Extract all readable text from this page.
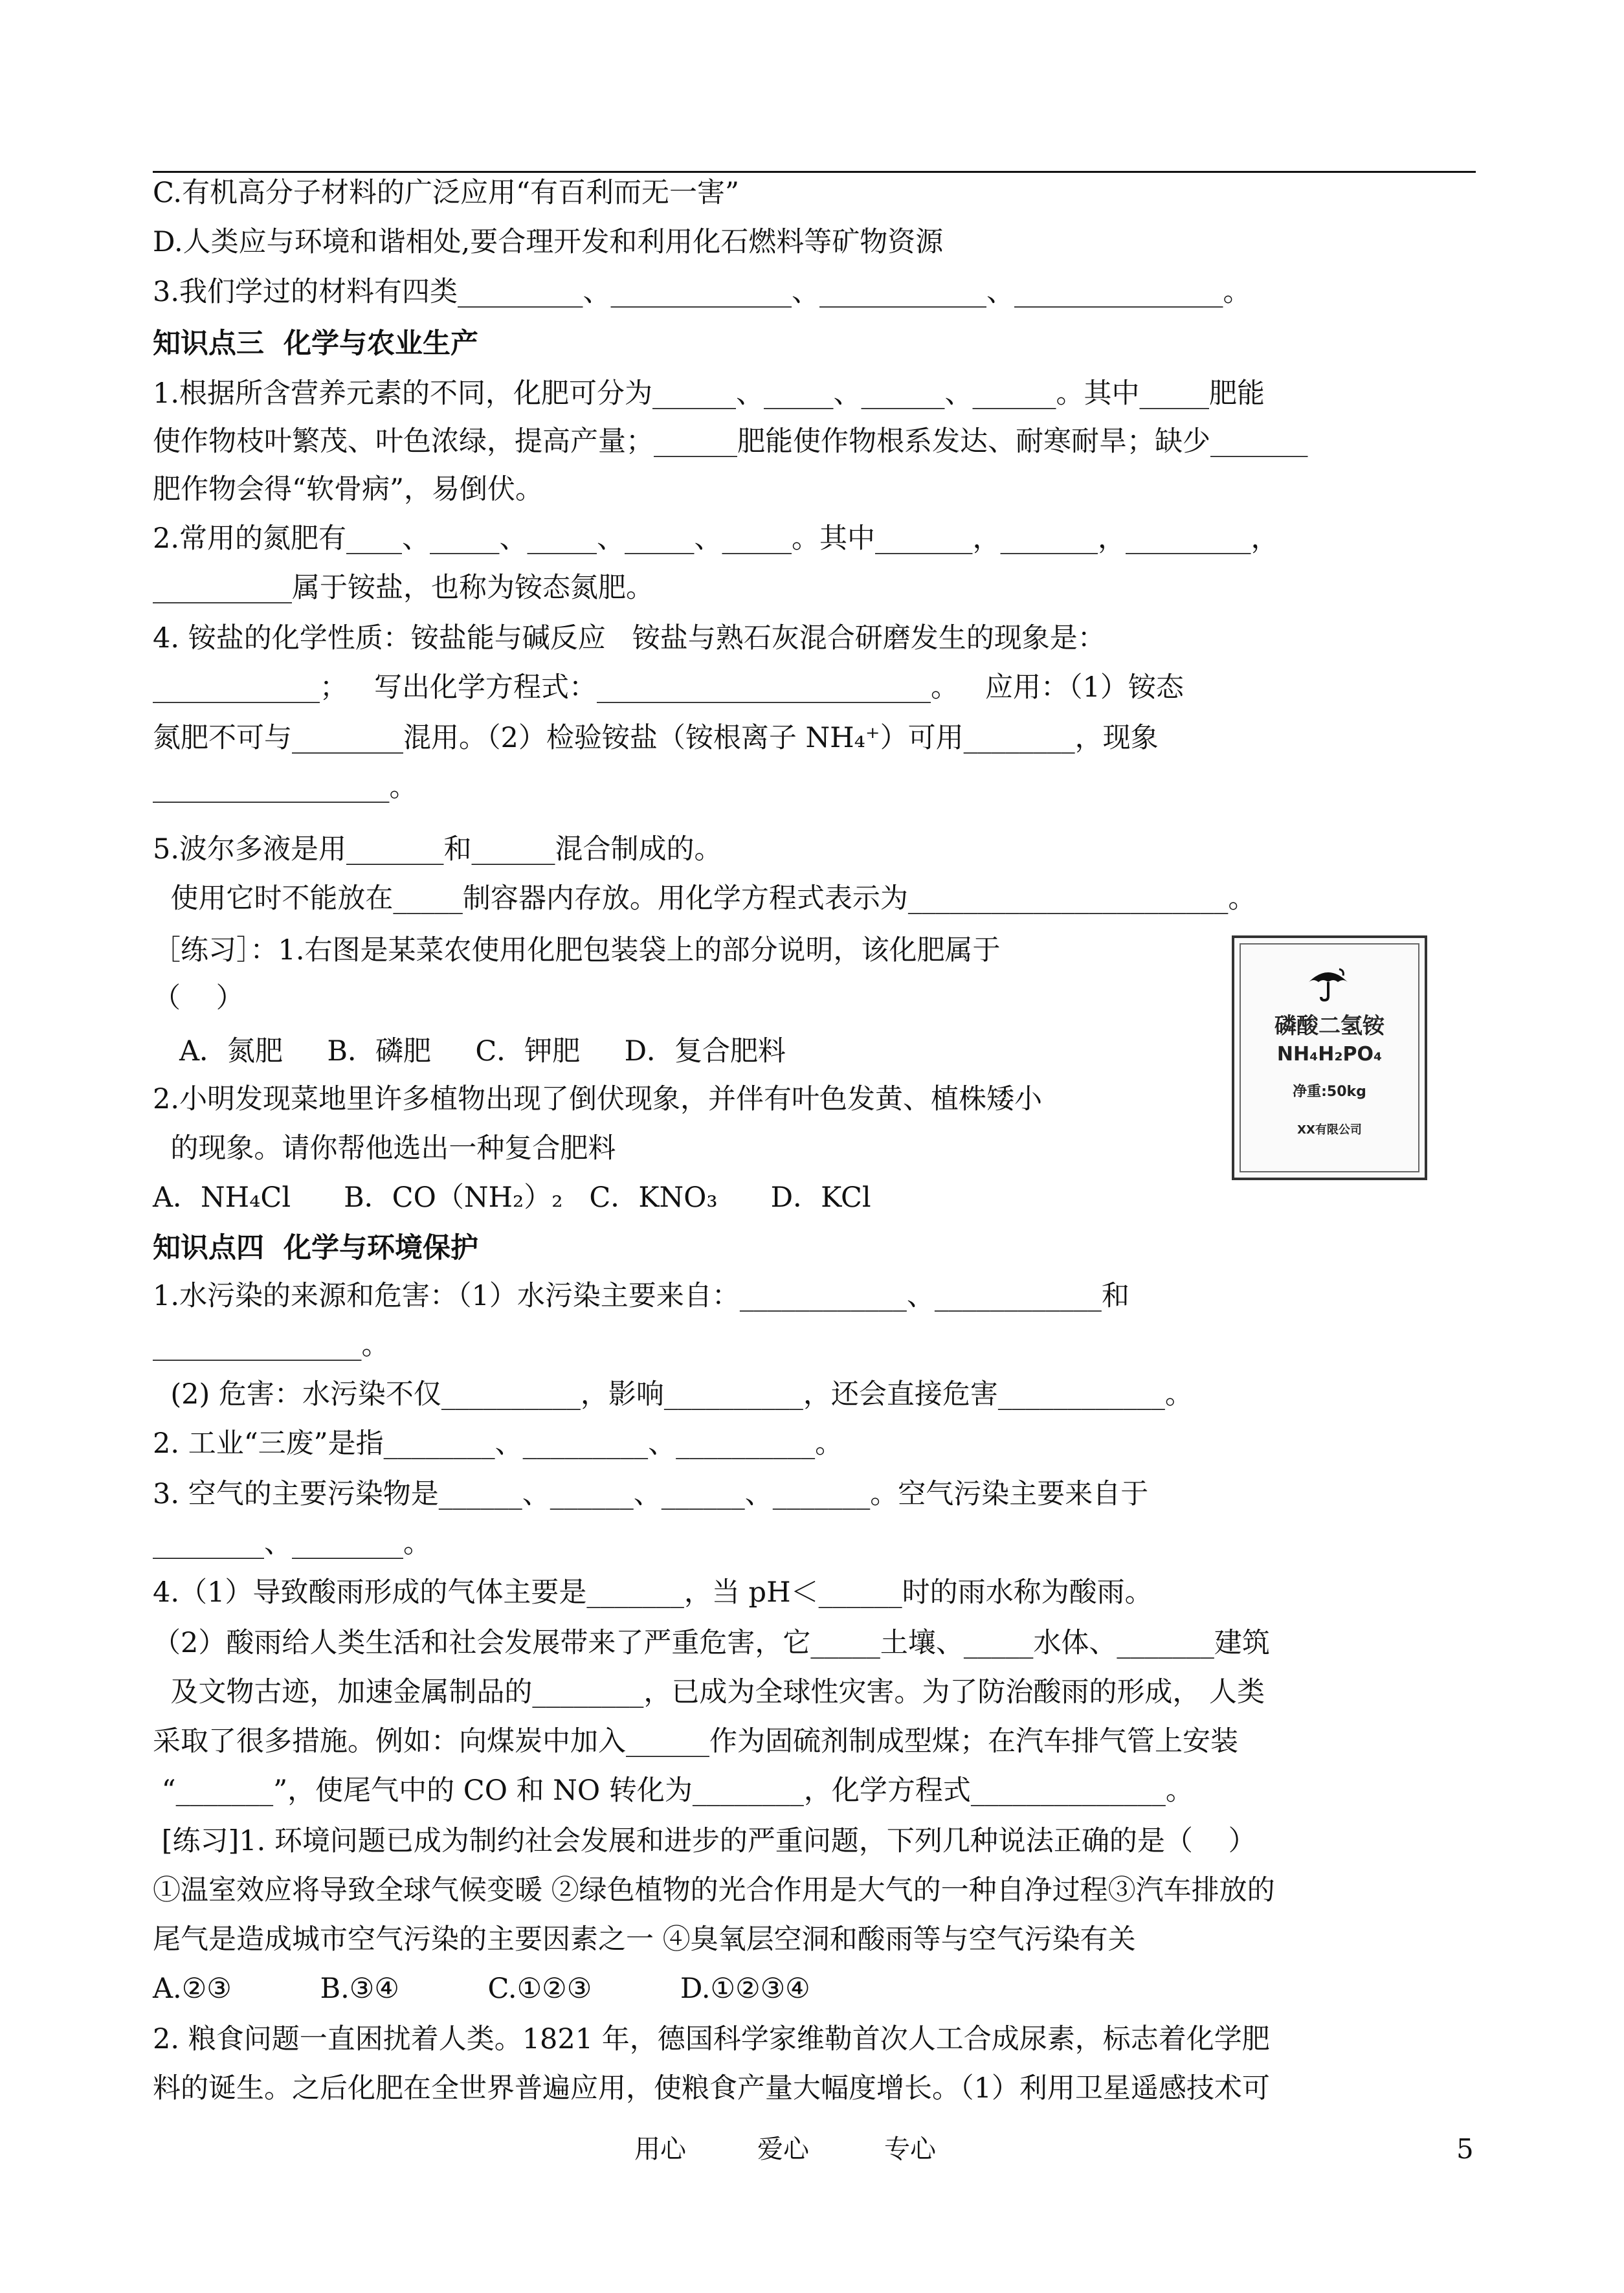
C.有机高分子材料的广泛应用“有百利而无一害”
D.人类应与环境和谐相处,要合理开发和利用化石燃料等矿物资源
3.我们学过的材料有四类_________、_____________、____________、_______________。
知识点三  化学与农业生产
1.根据所含营养元素的不同，化肥可分为______、_____、______、______。其中_____肥能
使作物枝叶繁茂、叶色浓绿，提高产量；______肥能使作物根系发达、耐寒耐旱；缺少_______
肥作物会得“软骨病”，易倒伏。
2.常用的氮肥有____、_____、_____、_____、_____。其中_______，_______，_________，
__________属于铵盐，也称为铵态氮肥。
4. 铵盐的化学性质：铵盐能与碱反应   铵盐与熟石灰混合研磨发生的现象是：
____________；   写出化学方程式：________________________。   应用：（1）铵态
氮肥不可与________混用。（2）检验铵盐（铵根离子 NH₄⁺）可用________，现象
_________________。
5.波尔多液是用_______和______混合制成的。
使用它时不能放在_____制容器内存放。用化学方程式表示为_______________________。
［练习］：1.右图是某菜农使用化肥包装袋上的部分说明，该化肥属于
（    ）
A．氮肥     B．磷肥     C．钾肥     D．复合肥料
2.小明发现菜地里许多植物出现了倒伏现象，并伴有叶色发黄、植株矮小
的现象。请你帮他选出一种复合肥料
A．NH₄Cl      B．CO（NH₂）₂   C．KNO₃      D．KCl
知识点四  化学与环境保护
1.水污染的来源和危害：（1）水污染主要来自：____________、____________和
_______________。
(2) 危害：水污染不仅__________，影响__________，还会直接危害____________。
2. 工业“三废”是指________、_________、__________。
3. 空气的主要污染物是______、______、______、_______。空气污染主要来自于
________、________。
4.（1）导致酸雨形成的气体主要是_______，当 pH＜______时的雨水称为酸雨。
（2）酸雨给人类生活和社会发展带来了严重危害，它_____土壤、_____水体、_______建筑
及文物古迹，加速金属制品的________，已成为全球性灾害。为了防治酸雨的形成， 人类
采取了很多措施。例如：向煤炭中加入______作为固硫剂制成型煤；在汽车排气管上安装
“_______”，使尾气中的 CO 和 NO 转化为________，化学方程式______________。
[练习]1. 环境问题已成为制约社会发展和进步的严重问题，下列几种说法正确的是（    ）
①温室效应将导致全球气候变暖 ②绿色植物的光合作用是大气的一种自净过程③汽车排放的
尾气是造成城市空气污染的主要因素之一 ④臭氧层空洞和酸雨等与空气污染有关
A.②③          B.③④          C.①②③          D.①②③④
2. 粮食问题一直困扰着人类。1821 年，德国科学家维勒首次人工合成尿素，标志着化学肥
料的诞生。之后化肥在全世界普遍应用，使粮食产量大幅度增长。（1）利用卫星遥感技术可
磷酸二氢铵
NH₄H₂PO₄
净重:50kg
XX有限公司
用心	爱心	专心	5
